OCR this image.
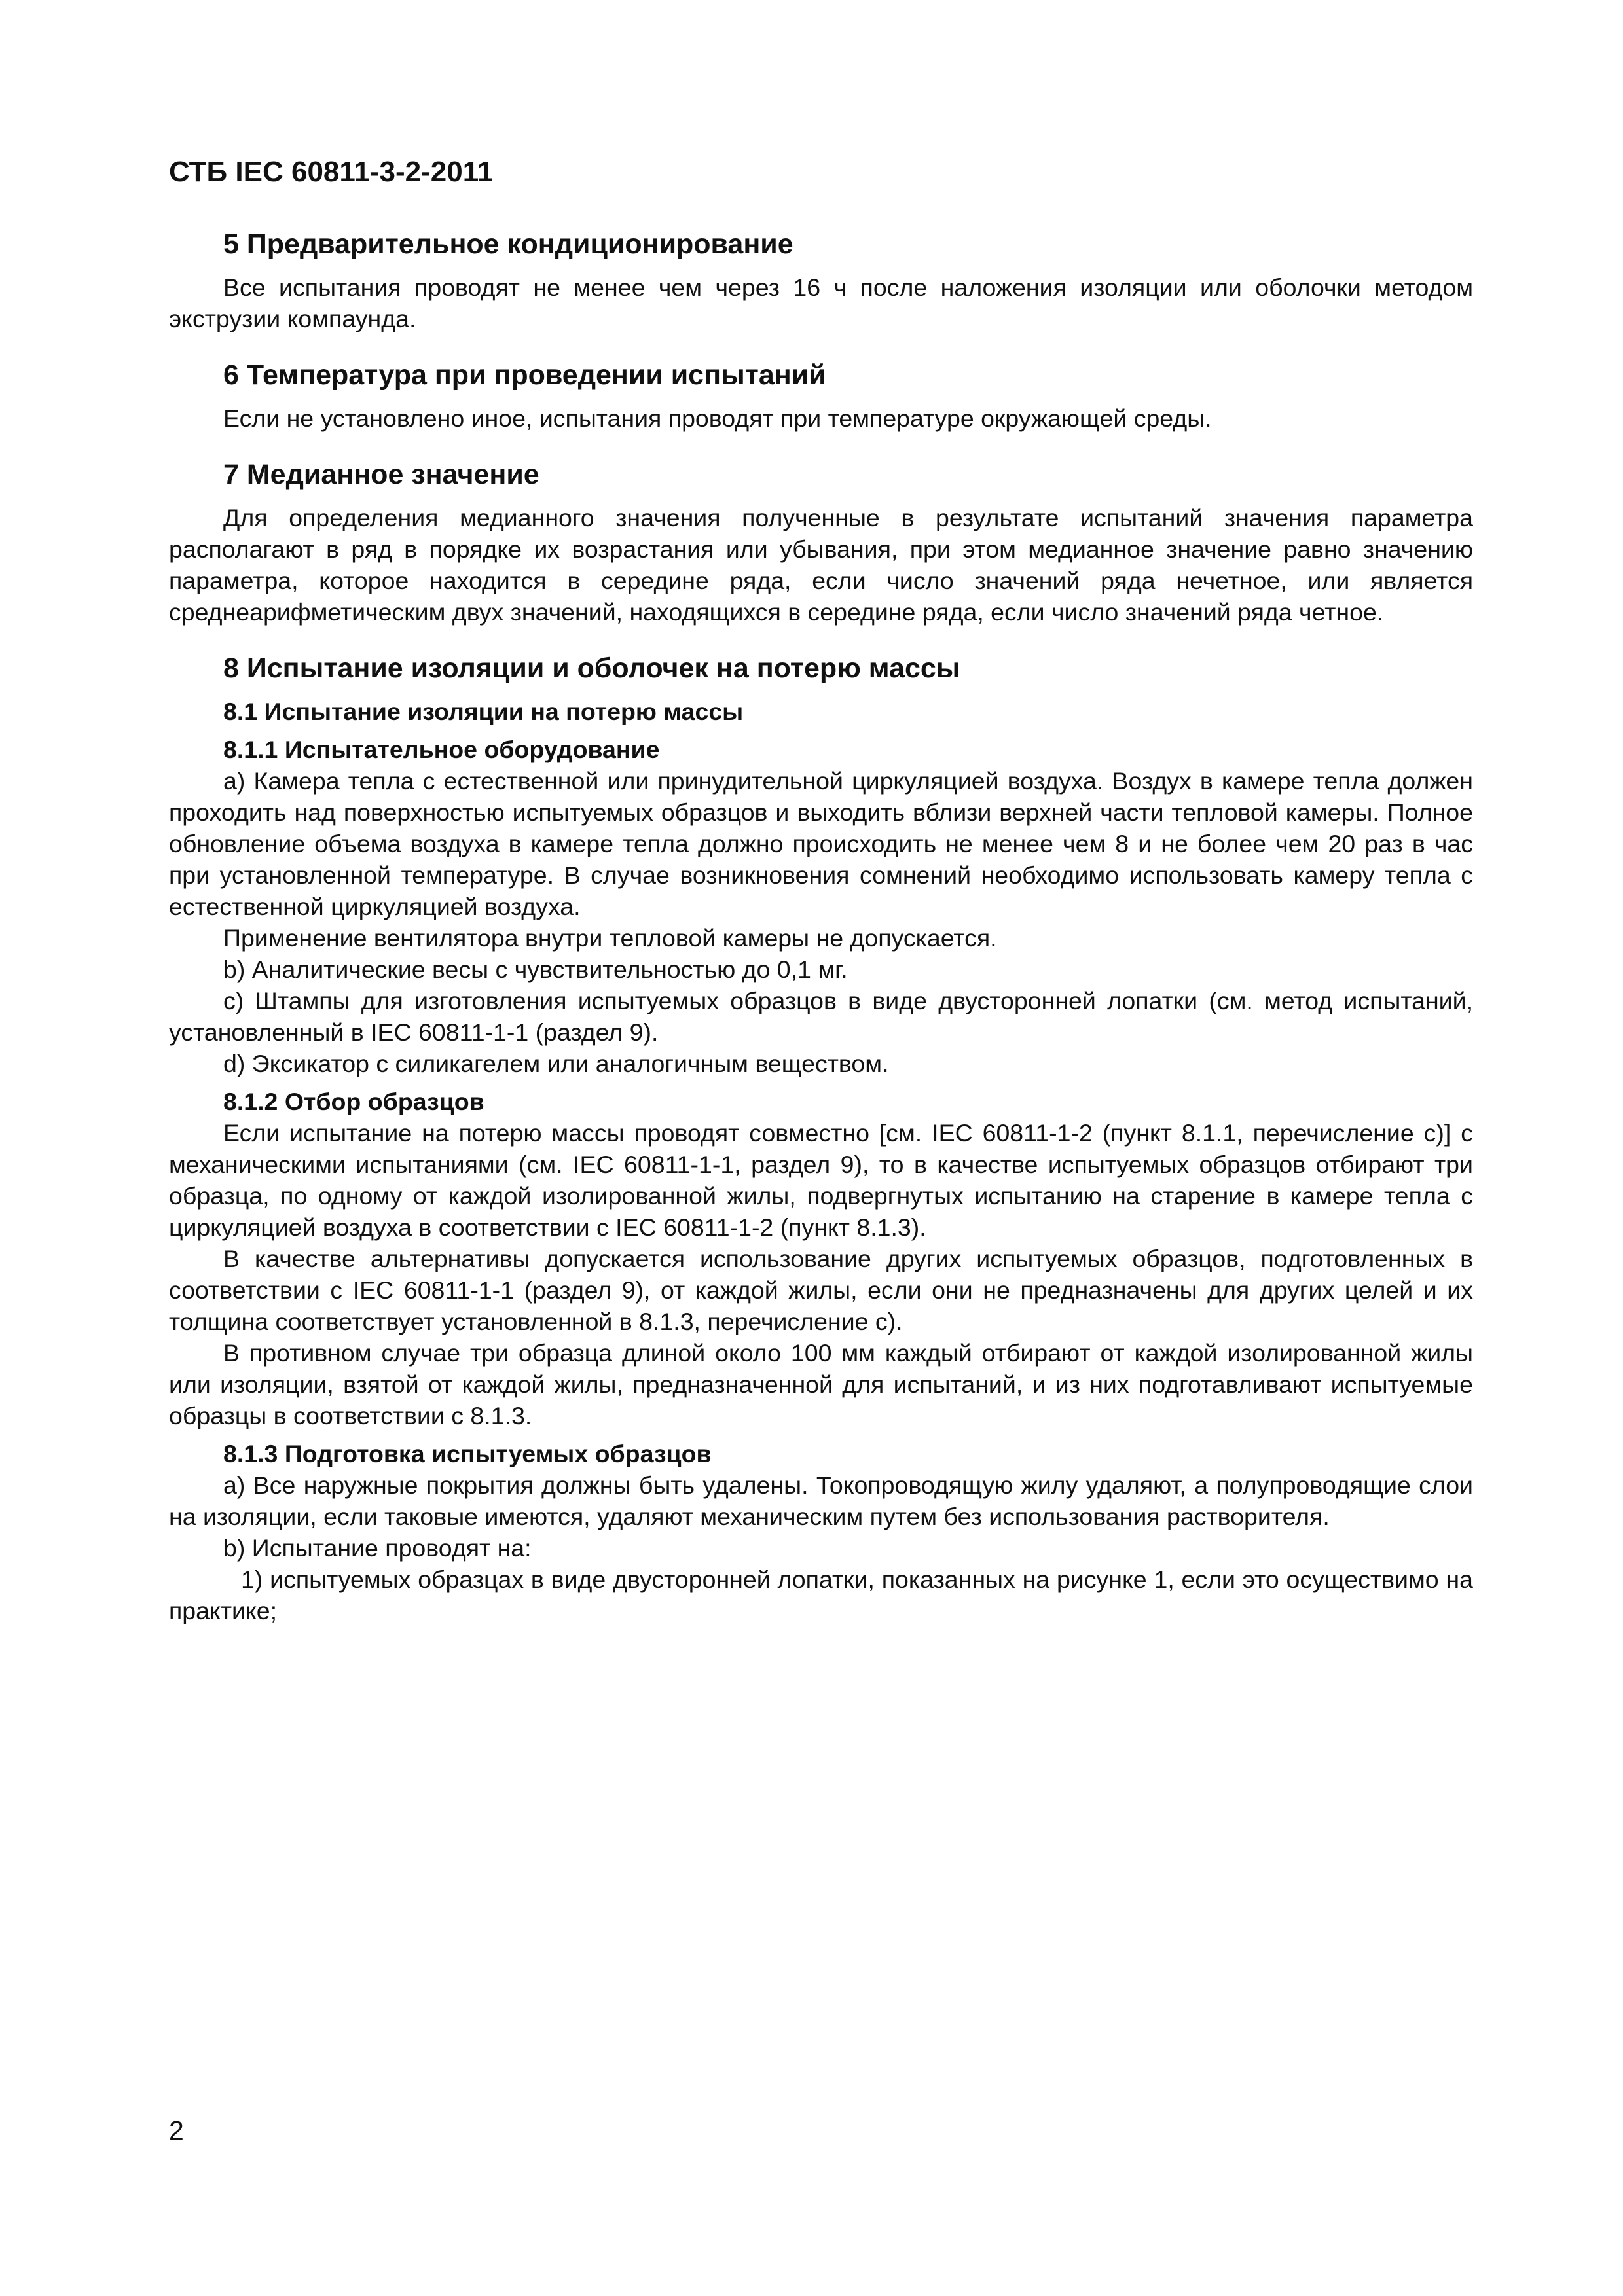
СТБ IEC 60811-3-2-2011
5 Предварительное кондиционирование

Все испытания проводят не менее чем через 16 ч после наложения изоляции или оболочки методом экструзии компаунда.

6 Температура при проведении испытаний

Если не установлено иное, испытания проводят при температуре окружающей среды.

7 Медианное значение

Для определения медианного значения полученные в результате испытаний значения параметра располагают в ряд в порядке их возрастания или убывания, при этом медианное значение равно значению параметра, которое находится в середине ряда, если число значений ряда нечетное, или является среднеарифметическим двух значений, находящихся в середине ряда, если число значений ряда четное.

8 Испытание изоляции и оболочек на потерю массы
8.1 Испытание изоляции на потерю массы
8.1.1 Испытательное оборудование

a) Камера тепла с естественной или принудительной циркуляцией воздуха. Воздух в камере тепла должен проходить над поверхностью испытуемых образцов и выходить вблизи верхней части тепловой камеры. Полное обновление объема воздуха в камере тепла должно происходить не менее чем 8 и не более чем 20 раз в час при установленной температуре. В случае возникновения сомнений необходимо использовать камеру тепла с естественной циркуляцией воздуха.

Применение вентилятора внутри тепловой камеры не допускается.

b) Аналитические весы с чувствительностью до 0,1 мг.

c) Штампы для изготовления испытуемых образцов в виде двусторонней лопатки (см. метод испытаний, установленный в IEC 60811-1-1 (раздел 9).

d) Эксикатор с силикагелем или аналогичным веществом.

8.1.2 Отбор образцов

Если испытание на потерю массы проводят совместно [см. IEC 60811-1-2 (пункт 8.1.1, перечисление с)] с механическими испытаниями (см. IEC 60811-1-1, раздел 9), то в качестве испытуемых образцов отбирают три образца, по одному от каждой изолированной жилы, подвергнутых испытанию на старение в камере тепла с циркуляцией воздуха в соответствии с IEC 60811-1-2 (пункт 8.1.3).

В качестве альтернативы допускается использование других испытуемых образцов, подготовленных в соответствии с IEC 60811-1-1 (раздел 9), от каждой жилы, если они не предназначены для других целей и их толщина соответствует установленной в 8.1.3, перечисление с).

В противном случае три образца длиной около 100 мм каждый отбирают от каждой изолированной жилы или изоляции, взятой от каждой жилы, предназначенной для испытаний, и из них подготавливают испытуемые образцы в соответствии с 8.1.3.

8.1.3 Подготовка испытуемых образцов

a) Все наружные покрытия должны быть удалены. Токопроводящую жилу удаляют, а полупроводящие слои на изоляции, если таковые имеются, удаляют механическим путем без использования растворителя.

b) Испытание проводят на:

1) испытуемых образцах в виде двусторонней лопатки, показанных на рисунке 1, если это осуществимо на практике;

2
